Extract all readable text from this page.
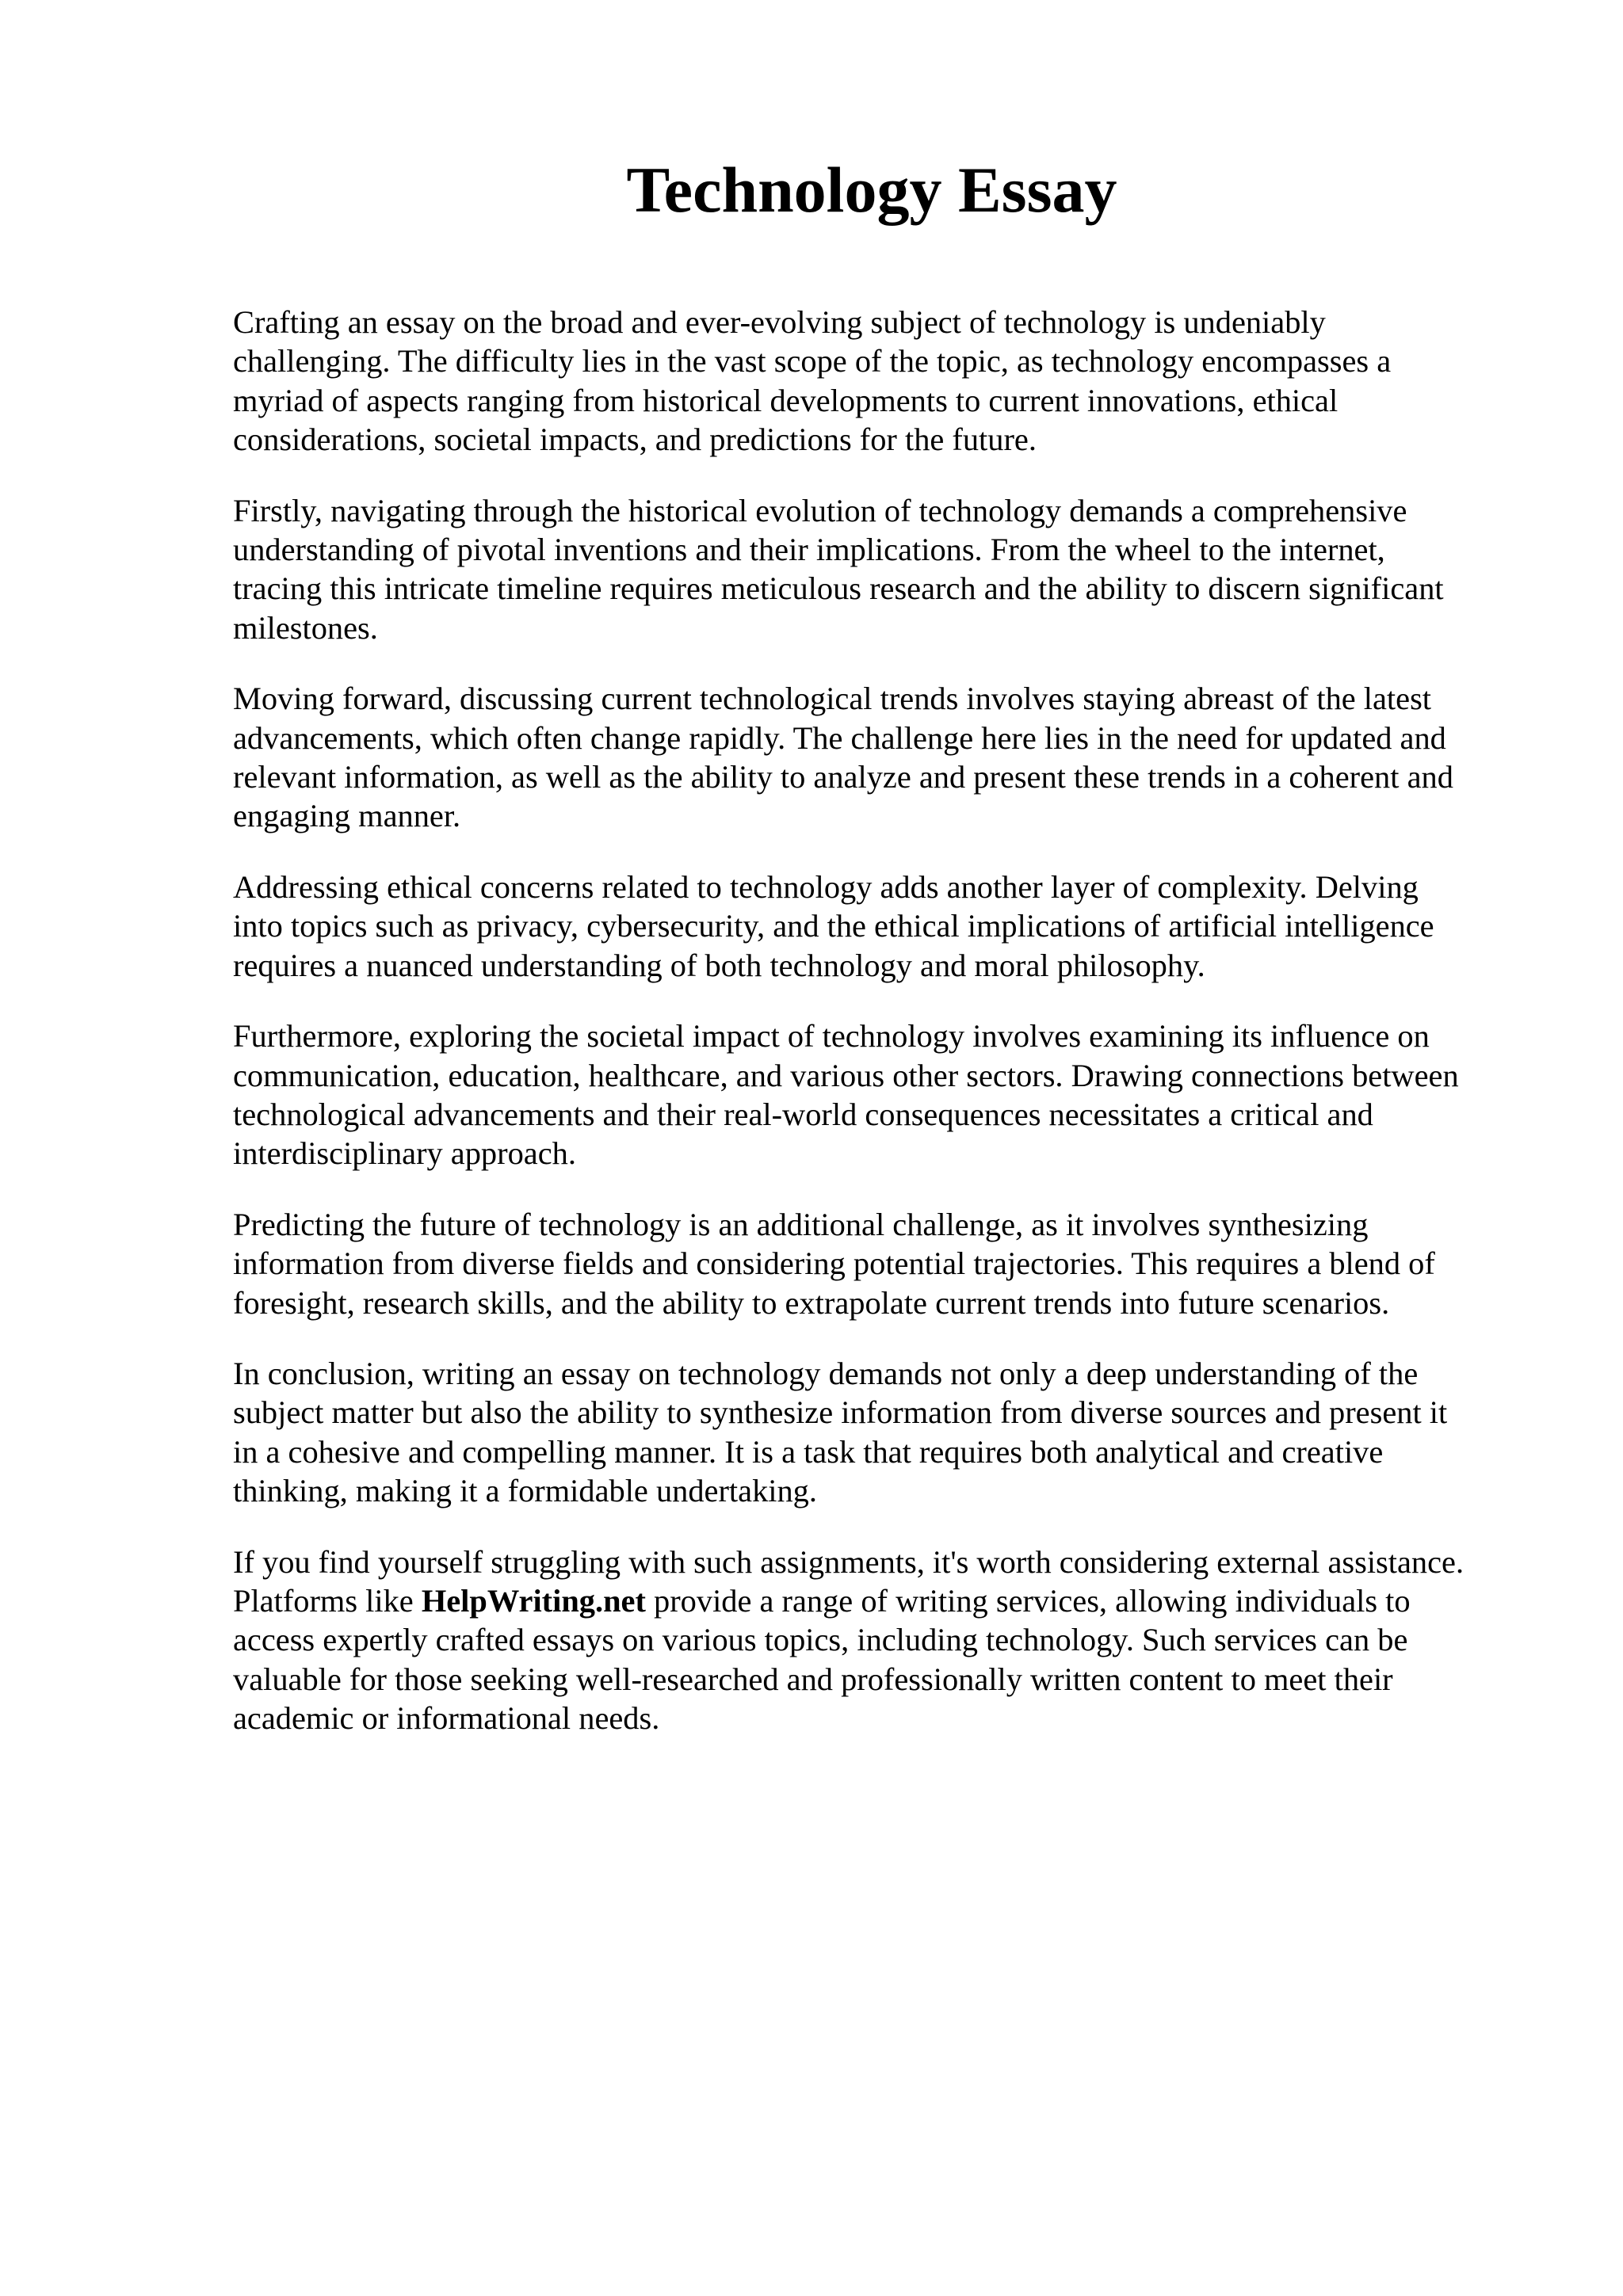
Technology Essay

Crafting an essay on the broad and ever-evolving subject of technology is undeniably
challenging. The difficulty lies in the vast scope of the topic, as technology encompasses a
myriad of aspects ranging from historical developments to current innovations, ethical
considerations, societal impacts, and predictions for the future.

Firstly, navigating through the historical evolution of technology demands a comprehensive
understanding of pivotal inventions and their implications. From the wheel to the internet,
tracing this intricate timeline requires meticulous research and the ability to discern significant
milestones.

Moving forward, discussing current technological trends involves staying abreast of the latest
advancements, which often change rapidly. The challenge here lies in the need for updated and
relevant information, as well as the ability to analyze and present these trends in a coherent and
engaging manner.

Addressing ethical concerns related to technology adds another layer of complexity. Delving
into topics such as privacy, cybersecurity, and the ethical implications of artificial intelligence
requires a nuanced understanding of both technology and moral philosophy.

Furthermore, exploring the societal impact of technology involves examining its influence on
communication, education, healthcare, and various other sectors. Drawing connections between
technological advancements and their real-world consequences necessitates a critical and
interdisciplinary approach.

Predicting the future of technology is an additional challenge, as it involves synthesizing
information from diverse fields and considering potential trajectories. This requires a blend of
foresight, research skills, and the ability to extrapolate current trends into future scenarios.

In conclusion, writing an essay on technology demands not only a deep understanding of the
subject matter but also the ability to synthesize information from diverse sources and present it
in a cohesive and compelling manner. It is a task that requires both analytical and creative
thinking, making it a formidable undertaking.

If you find yourself struggling with such assignments, it's worth considering external assistance.
Platforms like HelpWriting.net provide a range of writing services, allowing individuals to
access expertly crafted essays on various topics, including technology. Such services can be
valuable for those seeking well-researched and professionally written content to meet their
academic or informational needs.
